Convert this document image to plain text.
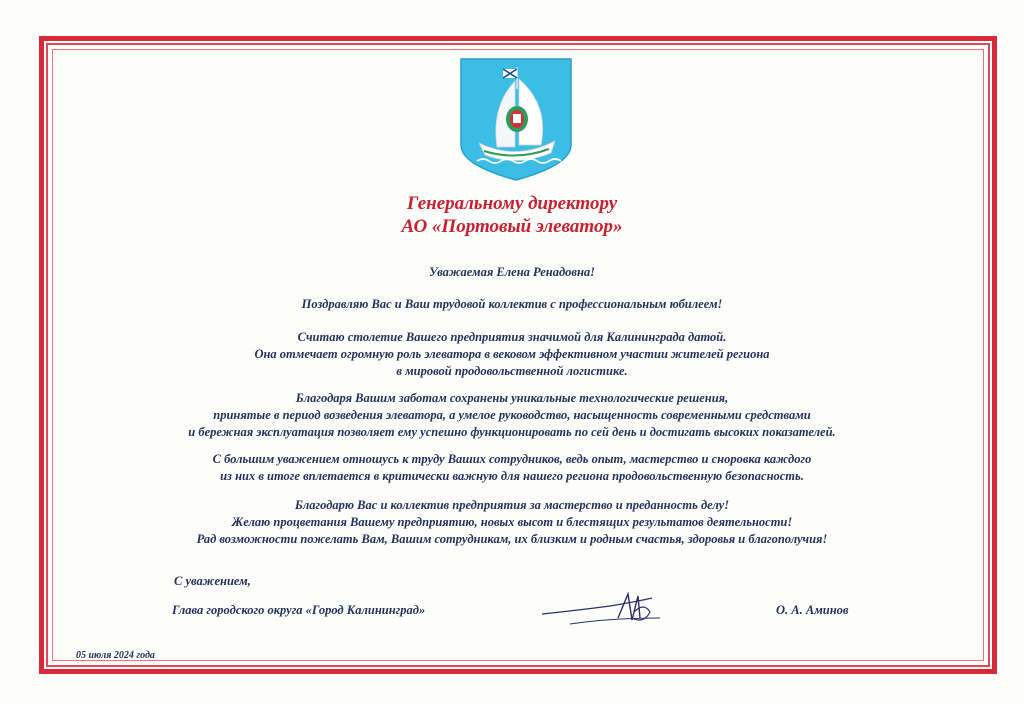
Генеральному директору
АО «Портовый элеватор»
Уважаемая Елена Ренадовна!
Поздравляю Вас и Ваш трудовой коллектив с профессиональным юбилеем!
Считаю столетие Вашего предприятия значимой для Калининграда датой.
Она отмечает огромную роль элеватора в вековом эффективном участии жителей региона
в мировой продовольственной логистике.
Благодаря Вашим заботам сохранены уникальные технологические решения,
принятые в период возведения элеватора, а умелое руководство, насыщенность современными средствами
и бережная эксплуатация позволяет ему успешно функционировать по сей день и достигать высоких показателей.
С большим уважением отношусь к труду Ваших сотрудников, ведь опыт, мастерство и сноровка каждого
из них в итоге вплетается в критически важную для нашего региона продовольственную безопасность.
Благодарю Вас и коллектив предприятия за мастерство и преданность делу!
Желаю процветания Вашему предприятию, новых высот и блестящих результатов деятельности!
Рад возможности пожелать Вам, Вашим сотрудникам, их близким и родным счастья, здоровья и благополучия!
С уважением,
Глава городского округа «Город Калининград»	О. А. Аминов
05 июля 2024 года
